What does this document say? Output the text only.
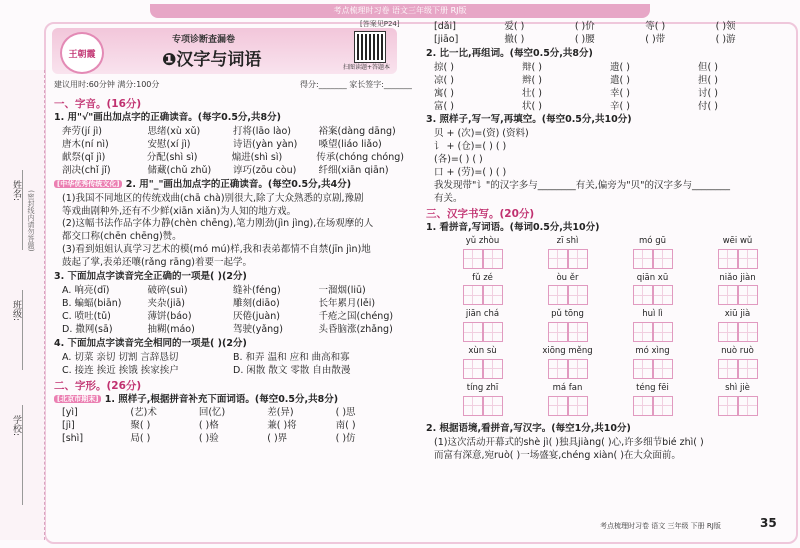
考点梳理时习卷 语文三年级下册 RJ版
姓名:
班级:
学校:
(密封线内请勿答题)
王朝霞
专项诊断查漏卷
❶汉字与词语
[答案见P24]
扫图读题+答题本
建议用时:60分钟 满分:100分	得分:_______ 家长签字:_______
一、字音。(16分)
1. 用"√"画出加点字的正确读音。(每字0.5分,共8分)
奔劳(jí jì)	思绪(xù xǔ)	打将(lāo lào)	裕案(dàng dāng)
唐木(ní nì)	安慰(xí jì)	诗语(yàn yàn)	嗓望(liáo liǎo)
献祭(qǐ jì)	分配(shì sì)	煽进(shì sì)	传承(chóng chóng)
剖决(chǐ jǐ)	储藏(chǔ zhǔ)	谆巧(zōu còu)	纤细(xiān qiān)
[中华优秀传统文化] 2. 用"_"画出加点字的正确读音。(每空0.5分,共4分)
(1)我国不同地区的传统戏曲(chā chà)别很大,除了大众熟悉的京剧,豫剧
等戏曲剧种外,还有不少鲜(xiān xiǎn)为人知的地方戏。
(2)这幅书法作品字体力静(chèn chēng),笔力刚劲(jìn jìng),在场观摩的人
都交口称(chēn chēng)赞。
(3)看到姐姐认真学习艺术的模(mó mú)样,我和表弟都情不自禁(jīn jìn)地
鼓起了掌,表弟还嚷(rǎng rāng)着要一起学。
3. 下面加点字读音完全正确的一项是( )(2分)
A. 响亮(dī)	破碎(suì)	缝补(féng)	一溜烟(liū)
B. 蝙蝠(biān)	夹杂(jiā)	雕刻(diāo)	长年累月(lěi)
C. 喷吐(tǔ)	薄饼(báo)	厌倦(juàn)	千疮之国(chéng)
D. 撒网(sā)	抽糊(máo)	驾驶(yǎng)	头昏脑涨(zhǎng)
4. 下面加点字读音完全相同的一项是( )(2分)
A. 切菜 亲切 切割 言辞恳切	B. 和弄 温和 应和 曲高和寡
C. 接连 挨近 挨饿 挨家挨户	D. 闲散 散文 零散 自由散漫
二、字形。(26分)
[北京市期末] 1. 照样子,根据拼音补充下面词语。(每空0.5分,共8分)
[yì]	(艺)术	回(忆)	差(异)	( )思
[jì]	聚( )	( )格	兼( )将	南( )
[shì]	局( )	( )验	( )界	( )仿
[dǎi]	爱( )	( )价	等( )	( )领
[jiāo]	撤( )	( )腰	( )带	( )游
2. 比一比,再组词。(每空0.5分,共8分)
掠( )	辩( )	遗( )	但( )
凉( )	辫( )	遣( )	担( )
寓( )	壮( )	幸( )	讨( )
富( )	状( )	辛( )	付( )
3. 照样子,写一写,再填空。(每空0.5分,共10分)
贝 + (次)=(资) (资料)
讠 + (仓)=( ) ( )
(各)=( ) ( )
口 + (劳)=( ) ( )
我发现带"讠"的汉字多与________有关,偏旁为"贝"的汉字多与________
有关。
三、汉字书写。(20分)
1. 看拼音,写词语。(每词0.5分,共10分)
yǔ zhòu	zī shì	mó gū	wēi wǔ
fǔ zé	òu ěr	qiān xū	niǎo jiàn
jiān chá	pǔ tōng	huì lì	xiū jià
xùn sù	xiōng měng	mó xìng	nuò ruò
tíng zhī	má fan	téng fēi	shì jiè
2. 根据语境,看拼音,写汉字。(每空1分,共10分)
(1)这次活动开幕式的shè jì( )独具jiàng( )心,许多细节bié zhì( )
而富有深意,宛ruò( )一场盛宴,chéng xiàn( )在大众面前。
考点梳理时习卷 语文 三年级 下册 RJ版	35
